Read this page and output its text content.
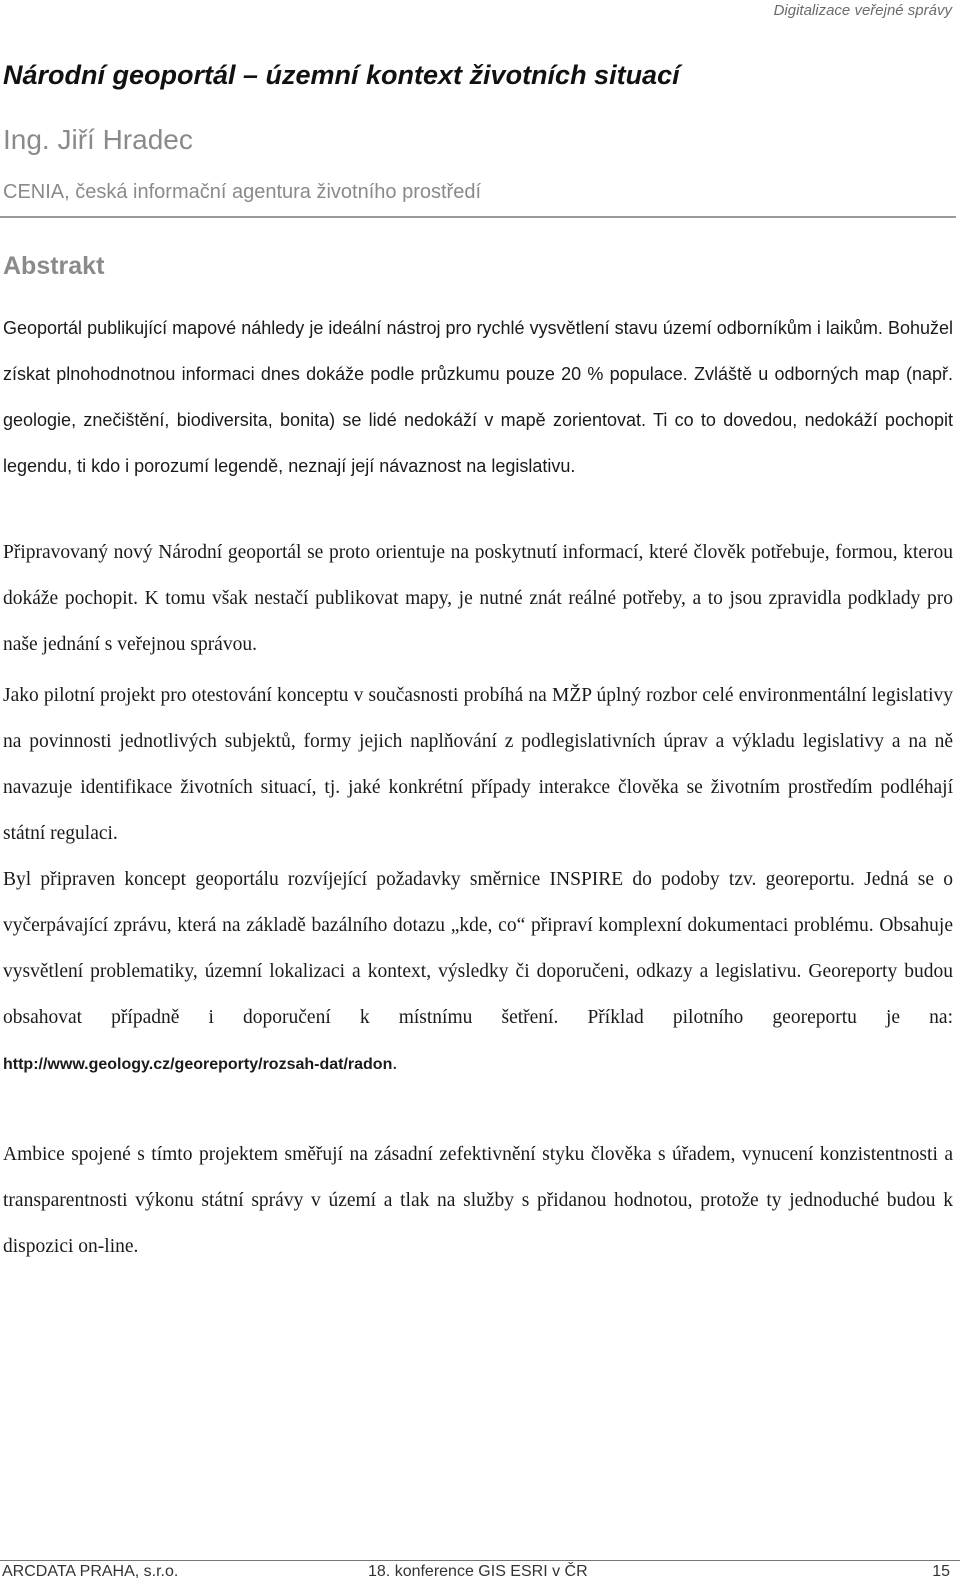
Digitalizace veřejné správy
Národní geoportál – územní kontext životních situací
Ing. Jiří Hradec
CENIA, česká informační agentura životního prostředí
Abstrakt

Geoportál publikující mapové náhledy je ideální nástroj pro rychlé vysvětlení stavu území odborníkům i laikům. Bohužel získat plnohodnotnou informaci dnes dokáže podle průzkumu pouze 20 % populace. Zvláště u odborných map (např. geologie, znečištění, biodiversita, bonita) se lidé nedokáží v mapě zorientovat. Ti co to dovedou, nedokáží pochopit legendu, ti kdo i porozumí legendě, neznají její návaznost na legislativu.

Připravovaný nový Národní geoportál se proto orientuje na poskytnutí informací, které člověk potřebuje, formou, kterou dokáže pochopit. K tomu však nestačí publikovat mapy, je nutné znát reálné potřeby, a to jsou zpravidla podklady pro naše jednání s veřejnou správou.

Jako pilotní projekt pro otestování konceptu v současnosti probíhá na MŽP úplný rozbor celé environmentální legislativy na povinnosti jednotlivých subjektů, formy jejich naplňování z podlegislativních úprav a výkladu legislativy a na ně navazuje identifikace životních situací, tj. jaké konkrétní případy interakce člověka se životním prostředím podléhají státní regulaci.

Byl připraven koncept geoportálu rozvíjející požadavky směrnice INSPIRE do podoby tzv. georeportu. Jedná se o vyčerpávající zprávu, která na základě bazálního dotazu „kde, co“ připraví komplexní dokumentaci problému. Obsahuje vysvětlení problematiky, územní lokalizaci a kontext, výsledky či doporučeni, odkazy a legislativu. Georeporty budou obsahovat případně i doporučení k místnímu šetření. Příklad pilotního georeportu je na: http://www.geology.cz/georeporty/rozsah-dat/radon.

Ambice spojené s tímto projektem směřují na zásadní zefektivnění styku člověka s úřadem, vynucení konzistentnosti a transparentnosti výkonu státní správy v území a tlak na služby s přidanou hodnotou, protože ty jednoduché budou k dispozici on-line.

ARCDATA PRAHA, s.r.o.	18. konference GIS ESRI v ČR	15
